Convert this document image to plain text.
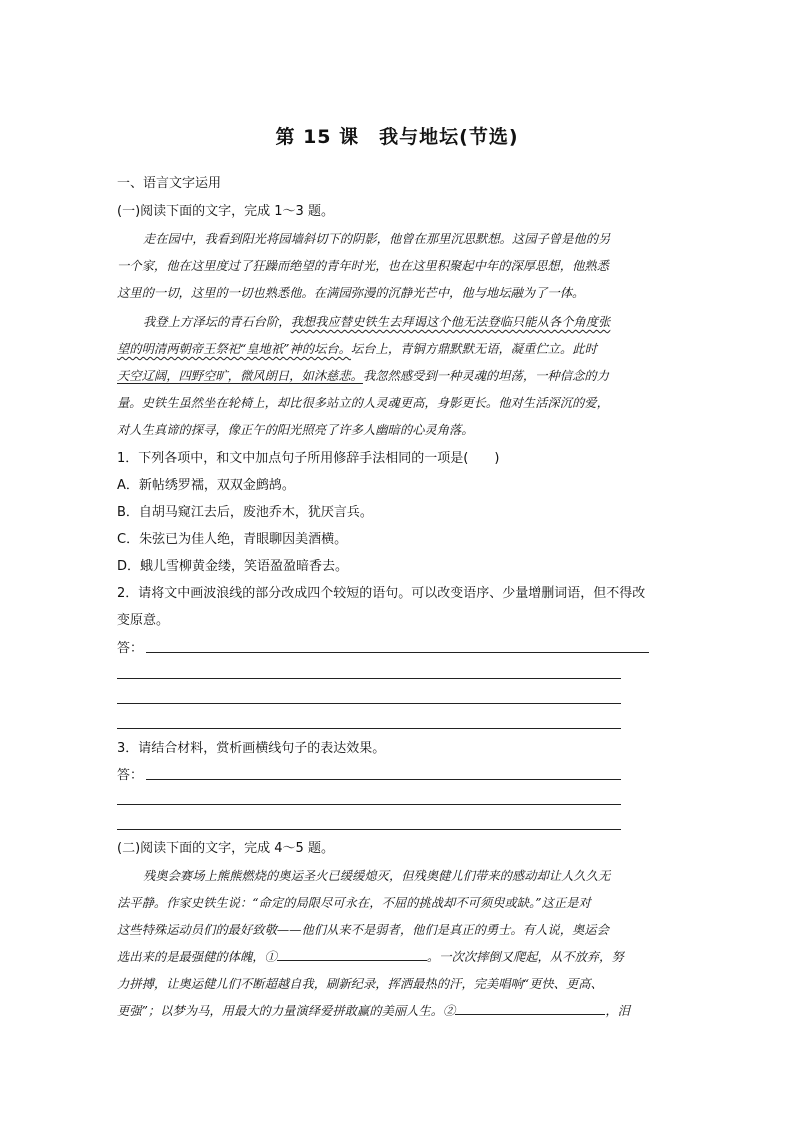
第 15 课　我与地坛(节选)
一、语言文字运用
(一)阅读下面的文字，完成 1～3 题。
走在园中，我看到阳光将园墙斜切下的阴影，他曾在那里沉思默想。这园子曾是他的另
一个家，他在这里度过了狂躁而绝望的青年时光，也在这里积聚起中年的深厚思想，他熟悉
这里的一切，这里的一切也熟悉他。在满园弥漫的沉静光芒中，他与地坛融为了一体。
我登上方泽坛的青石台阶，我想我应替史铁生去拜谒这个他无法登临只能从各个角度张
望的明清两朝帝王祭祀“皇地祇”神的坛台。坛台上，青铜方鼎默默无语，凝重伫立。此时
天空辽阔，四野空旷，微风朗日，如沐慈悲。我忽然感受到一种灵魂的坦荡，一种信念的力
量。史铁生虽然坐在轮椅上，却比很多站立的人灵魂更高，身影更长。他对生活深沉的爱，
对人生真谛的探寻，像正午的阳光照亮了许多人幽暗的心灵角落。
1．下列各项中，和文中加点句子所用修辞手法相同的一项是(　　)
A．新帖绣罗襦，双双金鹧鸪。
B．自胡马窥江去后，废池乔木，犹厌言兵。
C．朱弦已为佳人绝，青眼聊因美酒横。
D．蛾儿雪柳黄金缕，笑语盈盈暗香去。
2．请将文中画波浪线的部分改成四个较短的语句。可以改变语序、少量增删词语，但不得改
变原意。
答：
3．请结合材料，赏析画横线句子的表达效果。
答：
(二)阅读下面的文字，完成 4～5 题。
残奥会赛场上熊熊燃烧的奥运圣火已缓缓熄灭，但残奥健儿们带来的感动却让人久久无
法平静。作家史铁生说：“命定的局限尽可永在，不屈的挑战却不可须臾或缺。”这正是对
这些特殊运动员们的最好致敬——他们从来不是弱者，他们是真正的勇士。有人说，奥运会
选出来的是最强健的体魄，①	。一次次摔倒又爬起，从不放弃，努
力拼搏，让奥运健儿们不断超越自我，刷新纪录，挥洒最热的汗，完美唱响“更快、更高、
更强”；以梦为马，用最大的力量演绎爱拼敢赢的美丽人生。②	，泪
